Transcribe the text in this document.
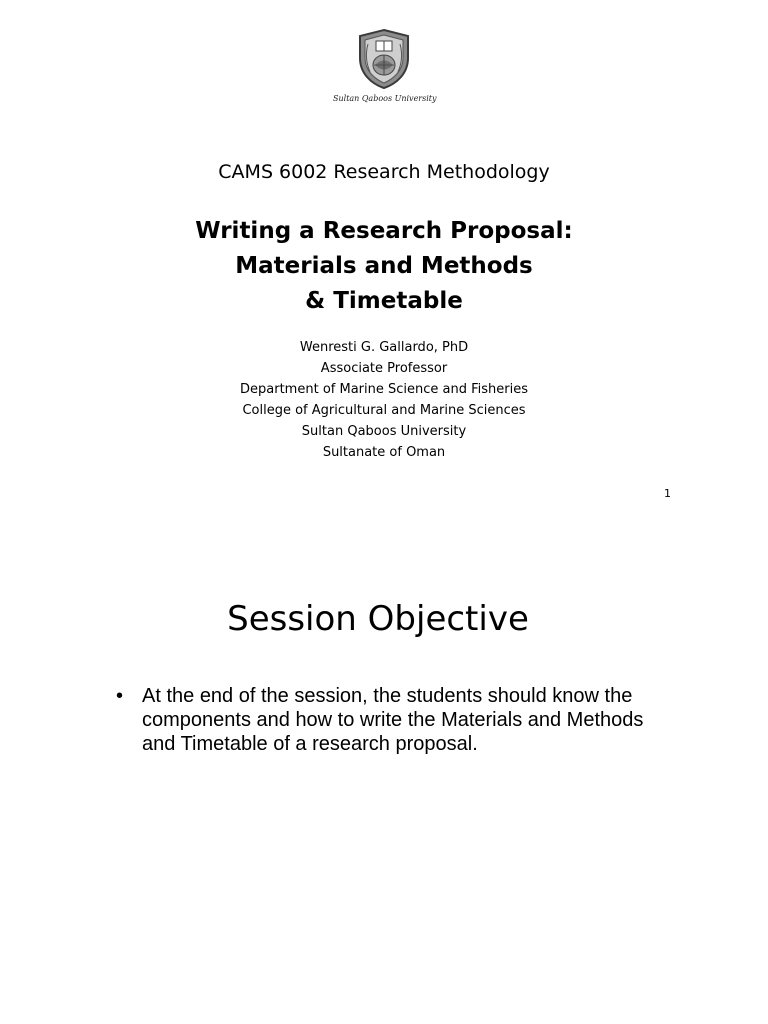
Sultan Qaboos University
CAMS 6002 Research Methodology
Writing a Research Proposal:
Materials and Methods
& Timetable
Wenresti G. Gallardo, PhD
Associate Professor
Department of Marine Science and Fisheries
College of Agricultural and Marine Sciences
Sultan Qaboos University
Sultanate of Oman
1
Session Objective
• At the end of the session, the students should know the components and how to write the Materials and Methods and Timetable of a research proposal.
